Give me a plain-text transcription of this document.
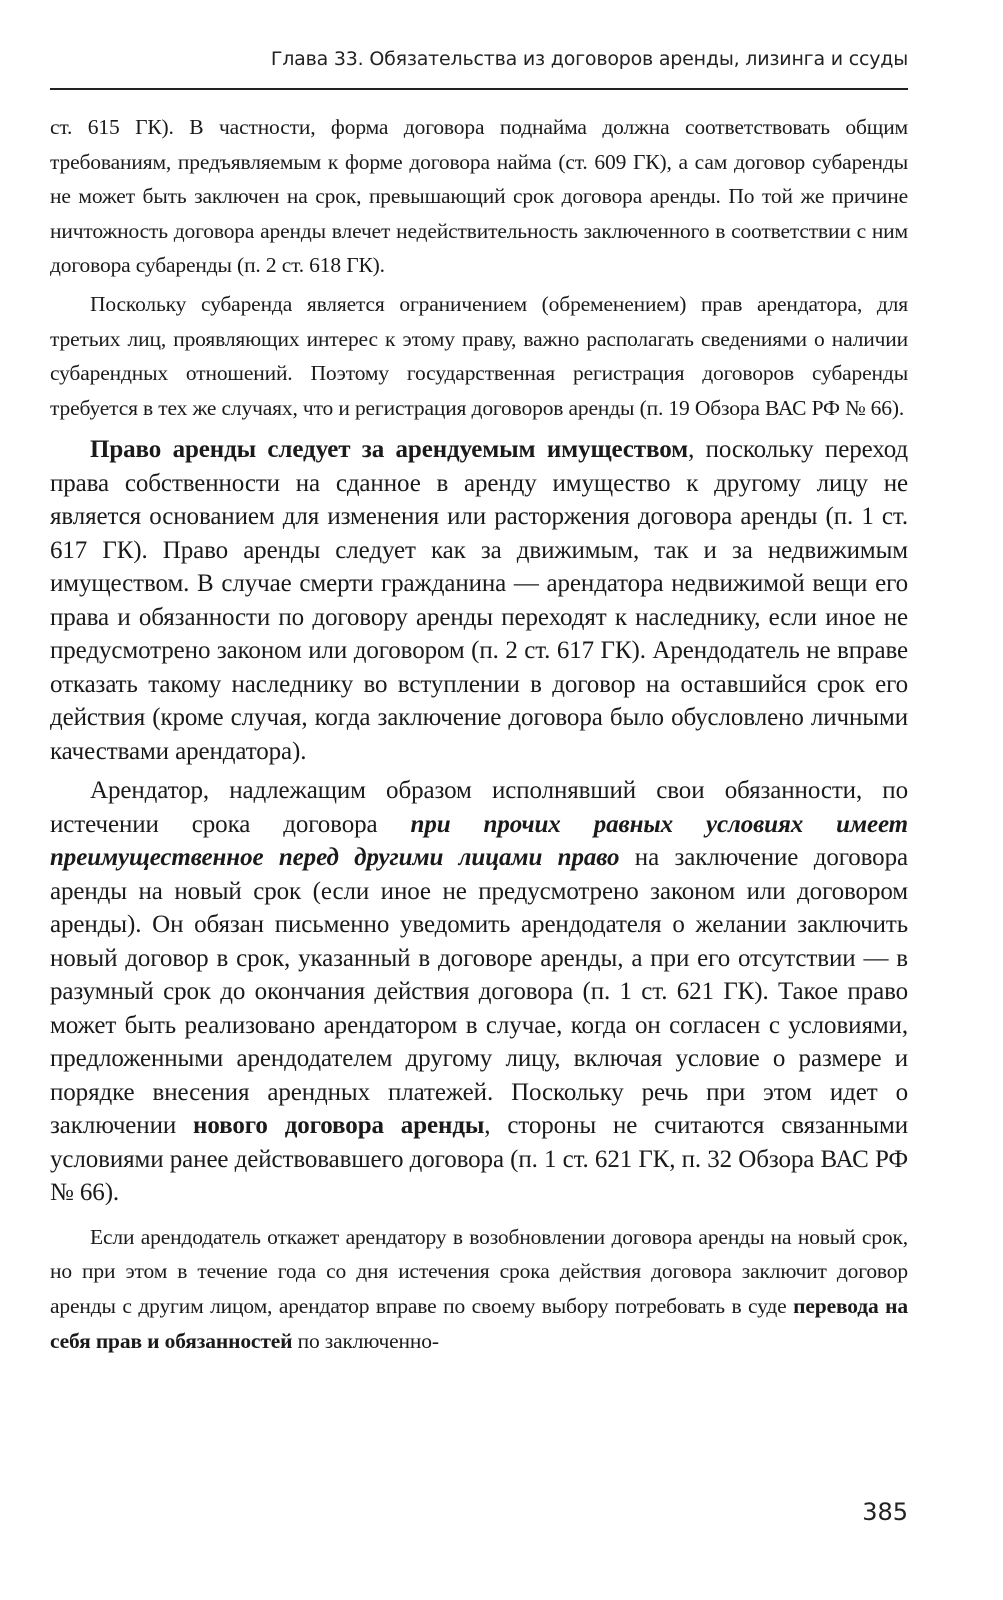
Глава 33. Обязательства из договоров аренды, лизинга и ссуды

ст. 615 ГК). В частности, форма договора поднайма должна соответствовать общим требованиям, предъявляемым к форме договора найма (ст. 609 ГК), а сам договор субаренды не может быть заключен на срок, превышающий срок договора аренды. По той же причине ничтожность договора аренды влечет недействительность заключенного в соответствии с ним договора субаренды (п. 2 ст. 618 ГК).

Поскольку субаренда является ограничением (обременением) прав арендатора, для третьих лиц, проявляющих интерес к этому праву, важно располагать сведениями о наличии субарендных отношений. Поэтому государственная регистрация договоров субаренды требуется в тех же случаях, что и регистрация договоров аренды (п. 19 Обзора ВАС РФ № 66).

Право аренды следует за арендуемым имуществом, поскольку переход права собственности на сданное в аренду имущество к другому лицу не является основанием для изменения или расторжения договора аренды (п. 1 ст. 617 ГК). Право аренды следует как за движимым, так и за недвижимым имуществом. В случае смерти гражданина — арендатора недвижимой вещи его права и обязанности по договору аренды переходят к наследнику, если иное не предусмотрено законом или договором (п. 2 ст. 617 ГК). Арендодатель не вправе отказать такому наследнику во вступлении в договор на оставшийся срок его действия (кроме случая, когда заключение договора было обусловлено личными качествами арендатора).

Арендатор, надлежащим образом исполнявший свои обязанности, по истечении срока договора при прочих равных условиях имеет преимущественное перед другими лицами право на заключение договора аренды на новый срок (если иное не предусмотрено законом или договором аренды). Он обязан письменно уведомить арендодателя о желании заключить новый договор в срок, указанный в договоре аренды, а при его отсутствии — в разумный срок до окончания действия договора (п. 1 ст. 621 ГК). Такое право может быть реализовано арендатором в случае, когда он согласен с условиями, предложенными арендодателем другому лицу, включая условие о размере и порядке внесения арендных платежей. Поскольку речь при этом идет о заключении нового договора аренды, стороны не считаются связанными условиями ранее действовавшего договора (п. 1 ст. 621 ГК, п. 32 Обзора ВАС РФ № 66).

Если арендодатель откажет арендатору в возобновлении договора аренды на новый срок, но при этом в течение года со дня истечения срока действия договора заключит договор аренды с другим лицом, арендатор вправе по своему выбору потребовать в суде перевода на себя прав и обязанностей по заключенно-

385
